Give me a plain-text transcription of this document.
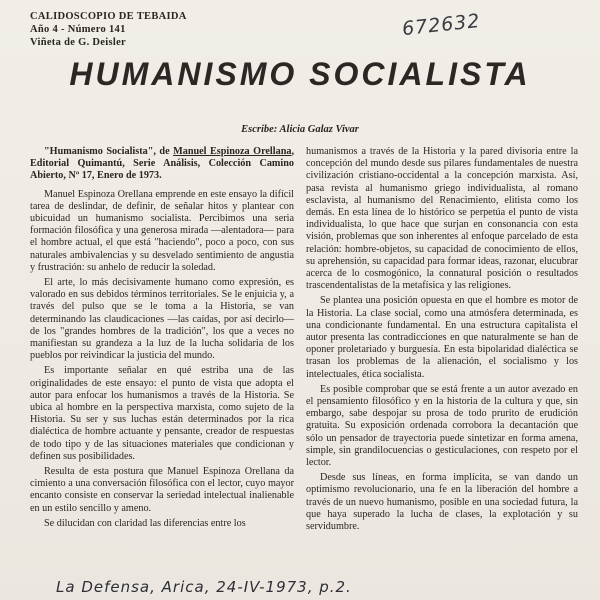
CALIDOSCOPIO DE TEBAIDA
Año 4 - Número 141
Viñeta de G. Deisler
672632
HUMANISMO SOCIALISTA
Escribe: Alicia Galaz Vivar

"Humanismo Socialista", de Manuel Espinoza Orellana, Editorial Quimantú, Serie Análisis, Colección Camino Abierto, Nº 17, Enero de 1973.

Manuel Espinoza Orellana emprende en este ensayo la difícil tarea de deslindar, de definir, de señalar hitos y plantear con ubicuidad un humanismo socialista. Percibimos una seria formación filosófica y una generosa mirada —alentadora— para el hombre actual, el que está "haciendo", poco a poco, con sus naturales ambivalencias y su desvelado sentimiento de angustia y frustración: su anhelo de reducir la soledad.

El arte, lo más decisivamente humano como expresión, es valorado en sus debidos términos territoriales. Se le enjuicia y, a través del pulso que se le toma a la Historia, se van determinando las claudicaciones —las caídas, por así decirlo— de los "grandes hombres de la tradición", los que a veces no manifiestan su grandeza a la luz de la lucha solidaria de los pueblos por reivindicar la justicia del mundo.

Es importante señalar en qué estriba una de las originalidades de este ensayo: el punto de vista que adopta el autor para enfocar los humanismos a través de la Historia. Se ubica al hombre en la perspectiva marxista, como sujeto de la Historia. Su ser y sus luchas están determinados por la rica dialéctica de hombre actuante y pensante, creador de respuestas de todo tipo y de las situaciones materiales que condicionan y definen sus posibilidades.

Resulta de esta postura que Manuel Espinoza Orellana da cimiento a una conversación filosófica con el lector, cuyo mayor encanto consiste en conservar la seriedad intelectual inalienable en un estilo sencillo y ameno.

Se dilucidan con claridad las diferencias entre los

humanismos a través de la Historia y la pared divisoria entre la concepción del mundo desde sus pilares fundamentales de nuestra civilización cristiano-occidental a la concepción marxista. Así, pasa revista al humanismo griego individualista, al romano esclavista, al humanismo del Renacimiento, elitista como los demás. En esta línea de lo histórico se perpetúa el punto de vista individualista, lo que hace que surjan en consonancia con esta visión, problemas que son inherentes al enfoque parcelado de esta relación: hombre-objetos, su capacidad de conocimiento de ellos, su aprehensión, su capacidad para formar ideas, razonar, elucubrar acerca de lo cosmogónico, la connatural posición o resultados trascendentalistas de la metafísica y las religiones.

Se plantea una posición opuesta en que el hombre es motor de la Historia. La clase social, como una atmósfera determinada, es una condicionante fundamental. En una estructura capitalista el autor presenta las contradicciones en que naturalmente se han de oponer proletariado y burguesía. En esta bipolaridad dialéctica se trasan los problemas de la alienación, el socialismo y los intelectuales, ética socialista.

Es posible comprobar que se está frente a un autor avezado en el pensamiento filosófico y en la historia de la cultura y que, sin embargo, sabe despojar su prosa de todo prurito de erudición gratuita. Su exposición ordenada corrobora la decantación que sólo un pensador de trayectoria puede sintetizar en forma amena, simple, sin grandilocuencias o gesticulaciones, con respeto por el lector.

Desde sus líneas, en forma implícita, se van dando un optimismo revolucionario, una fe en la liberación del hombre a través de un nuevo humanismo, posible en una sociedad futura, la que haya superado la lucha de clases, la explotación y su servidumbre.

La Defensa, Arica, 24-IV-1973, p.2.
